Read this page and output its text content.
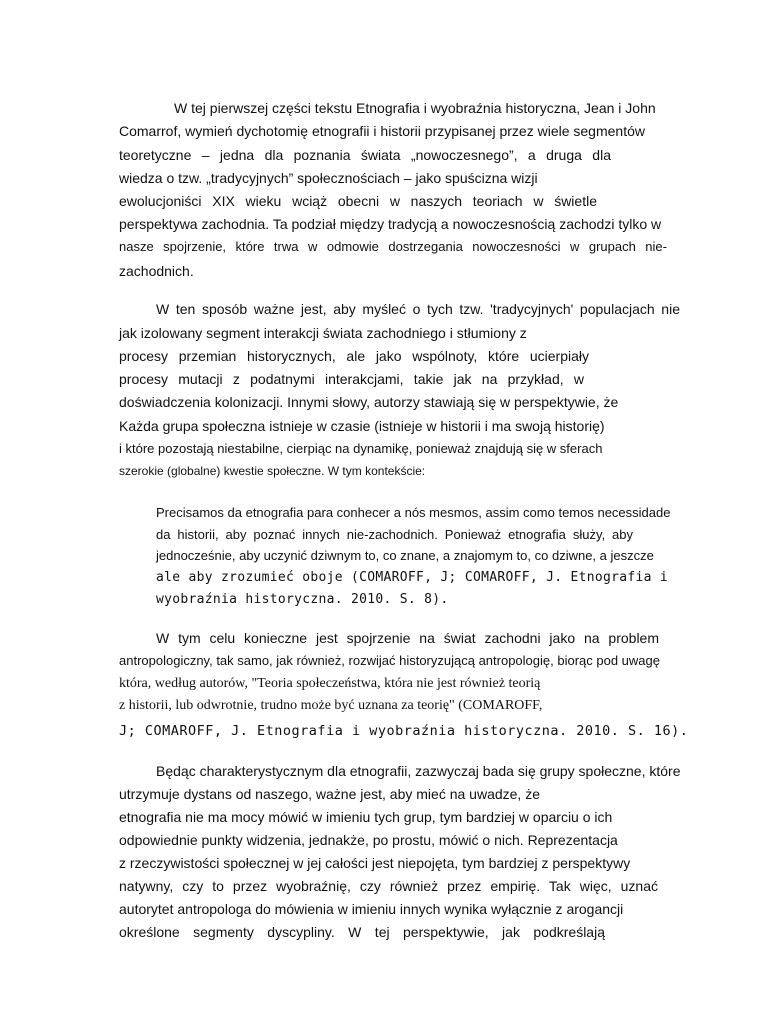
W tej pierwszej części tekstu Etnografia i wyobraźnia historyczna, Jean i John

Comarrof, wymień dychotomię etnografii i historii przypisanej przez wiele segmentów

teoretyczne – jedna dla poznania świata „nowoczesnego”, a druga dla

wiedza o tzw. „tradycyjnych” społecznościach – jako spuścizna wizji

ewolucjoniści XIX wieku wciąż obecni w naszych teoriach w świetle

perspektywa zachodnia. Ta podział między tradycją a nowoczesnością zachodzi tylko w

nasze spojrzenie, które trwa w odmowie dostrzegania nowoczesności w grupach nie-

zachodnich.

W ten sposób ważne jest, aby myśleć o tych tzw. 'tradycyjnych' populacjach nie

jak izolowany segment interakcji świata zachodniego i stłumiony z

procesy przemian historycznych, ale jako wspólnoty, które ucierpiały

procesy mutacji z podatnymi interakcjami, takie jak na przykład, w

doświadczenia kolonizacji. Innymi słowy, autorzy stawiają się w perspektywie, że

Każda grupa społeczna istnieje w czasie (istnieje w historii i ma swoją historię)

i które pozostają niestabilne, cierpiąc na dynamikę, ponieważ znajdują się w sferach

szerokie (globalne) kwestie społeczne. W tym kontekście:

Precisamos da etnografia para conhecer a nós mesmos, assim como temos necessidade

da historii, aby poznać innych nie-zachodnich. Ponieważ etnografia służy, aby

jednocześnie, aby uczynić dziwnym to, co znane, a znajomym to, co dziwne, a jeszcze

ale aby zrozumieć oboje (COMAROFF, J; COMAROFF, J. Etnografia i

wyobraźnia historyczna. 2010. S. 8).

W tym celu konieczne jest spojrzenie na świat zachodni jako na problem

antropologiczny, tak samo, jak również, rozwijać historyzującą antropologię, biorąc pod uwagę

która, według autorów, "Teoria społeczeństwa, która nie jest również teorią

z historii, lub odwrotnie, trudno może być uznana za teorię" (COMAROFF,

J; COMAROFF, J. Etnografia i wyobraźnia historyczna. 2010. S. 16).

Będąc charakterystycznym dla etnografii, zazwyczaj bada się grupy społeczne, które

utrzymuje dystans od naszego, ważne jest, aby mieć na uwadze, że

etnografia nie ma mocy mówić w imieniu tych grup, tym bardziej w oparciu o ich

odpowiednie punkty widzenia, jednakże, po prostu, mówić o nich. Reprezentacja

z rzeczywistości społecznej w jej całości jest niepojęta, tym bardziej z perspektywy

natywny, czy to przez wyobraźnię, czy również przez empirię. Tak więc, uznać

autorytet antropologa do mówienia w imieniu innych wynika wyłącznie z arogancji

określone segmenty dyscypliny. W tej perspektywie, jak podkreślają
